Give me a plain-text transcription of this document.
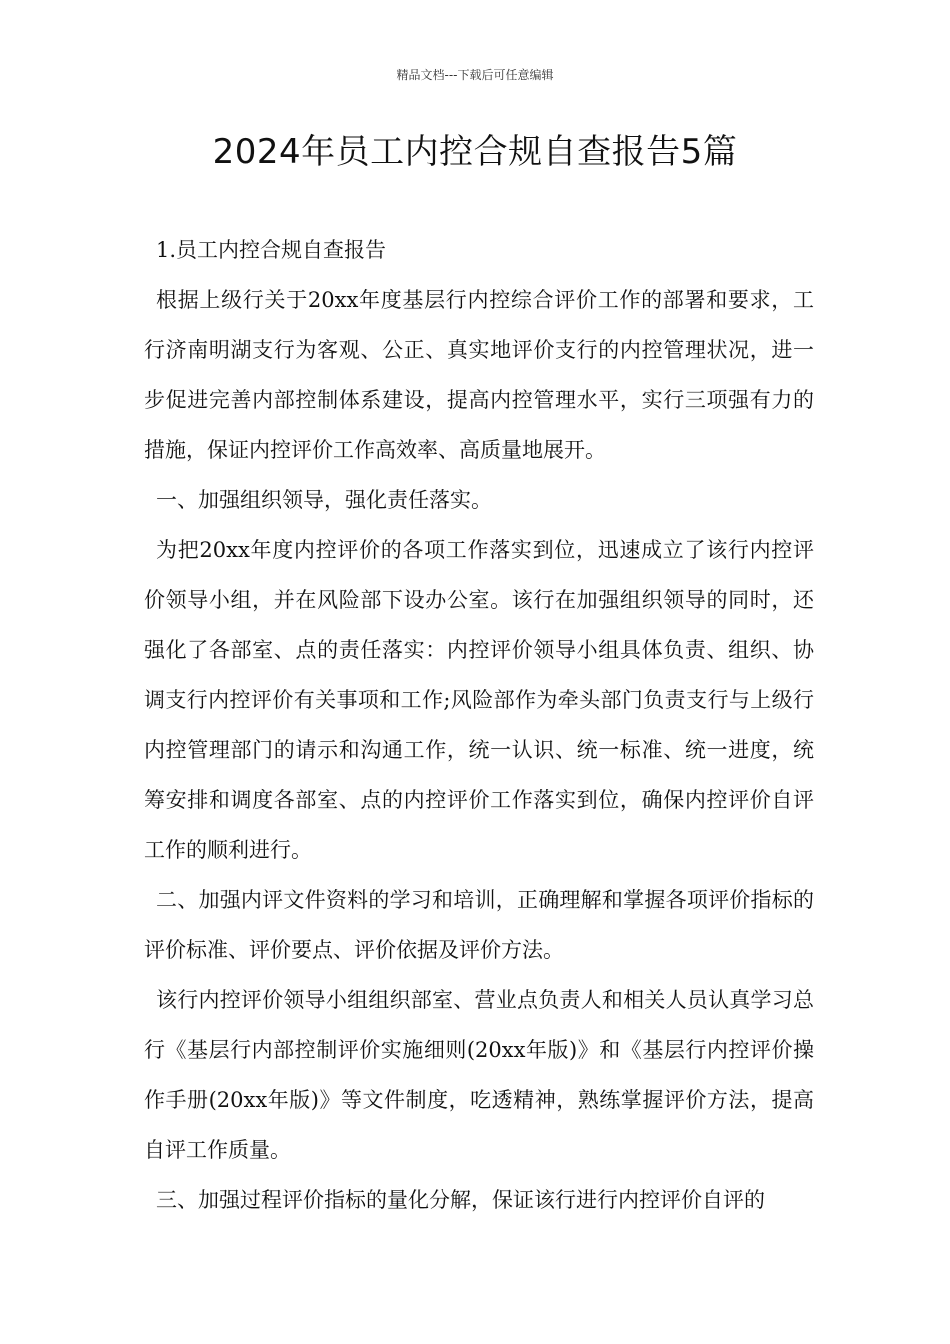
精品文档---下载后可任意编辑
2024年员工内控合规自查报告5篇

1.员工内控合规自查报告

根据上级行关于20xx年度基层行内控综合评价工作的部署和要求，工行济南明湖支行为客观、公正、真实地评价支行的内控管理状况，进一步促进完善内部控制体系建设，提高内控管理水平，实行三项强有力的措施，保证内控评价工作高效率、高质量地展开。

一、加强组织领导，强化责任落实。

为把20xx年度内控评价的各项工作落实到位，迅速成立了该行内控评价领导小组，并在风险部下设办公室。该行在加强组织领导的同时，还强化了各部室、点的责任落实：内控评价领导小组具体负责、组织、协调支行内控评价有关事项和工作;风险部作为牵头部门负责支行与上级行内控管理部门的请示和沟通工作，统一认识、统一标准、统一进度，统筹安排和调度各部室、点的内控评价工作落实到位，确保内控评价自评工作的顺利进行。

二、加强内评文件资料的学习和培训，正确理解和掌握各项评价指标的评价标准、评价要点、评价依据及评价方法。

该行内控评价领导小组组织部室、营业点负责人和相关人员认真学习总行《基层行内部控制评价实施细则(20xx年版)》和《基层行内控评价操作手册(20xx年版)》等文件制度，吃透精神，熟练掌握评价方法，提高自评工作质量。

三、加强过程评价指标的量化分解，保证该行进行内控评价自评的
